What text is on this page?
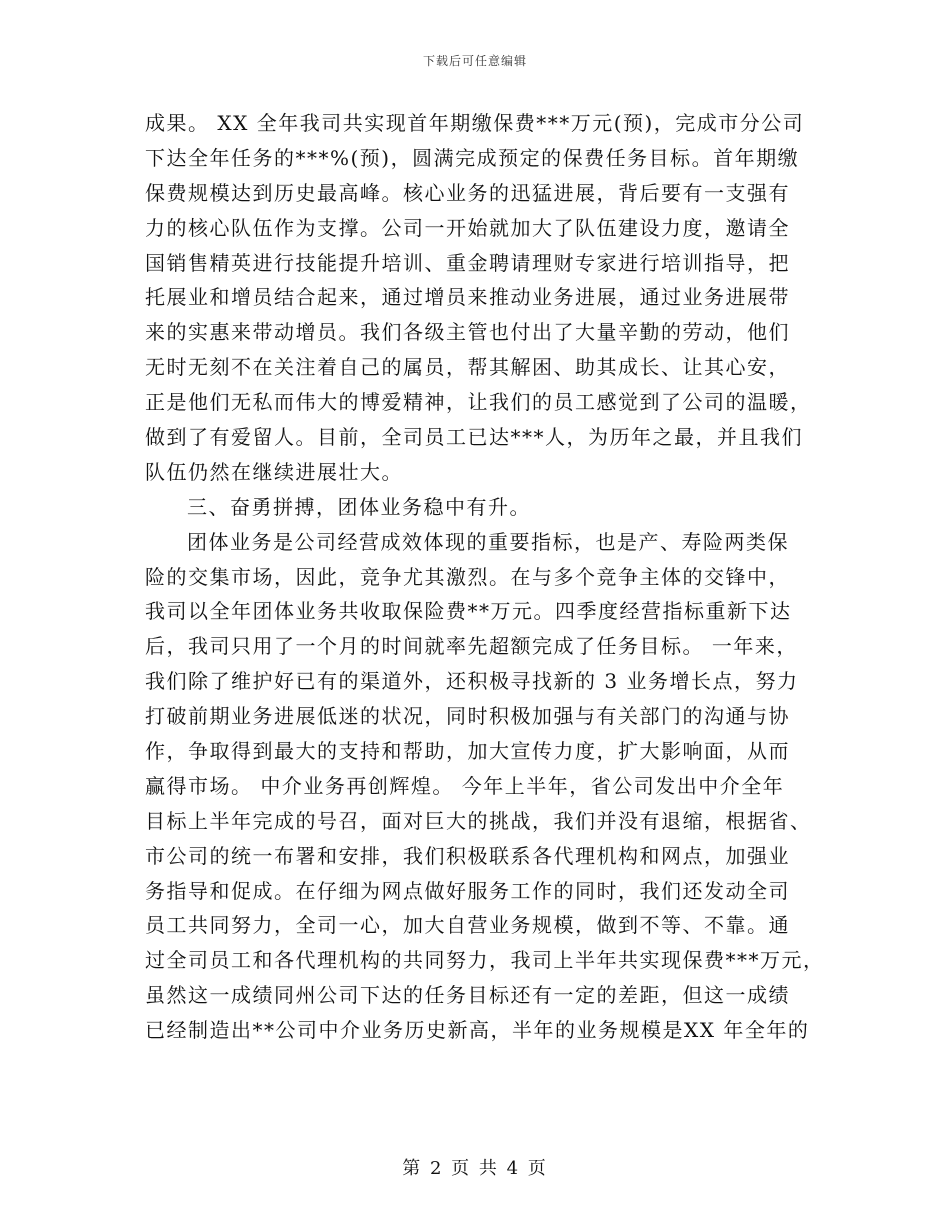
下载后可任意编辑
成果。 XX 全年我司共实现首年期缴保费***万元(预)，完成市分公司
下达全年任务的***%(预)，圆满完成预定的保费任务目标。首年期缴
保费规模达到历史最高峰。核心业务的迅猛进展，背后要有一支强有
力的核心队伍作为支撑。公司一开始就加大了队伍建设力度，邀请全
国销售精英进行技能提升培训、重金聘请理财专家进行培训指导，把
托展业和增员结合起来，通过增员来推动业务进展，通过业务进展带
来的实惠来带动增员。我们各级主管也付出了大量辛勤的劳动，他们
无时无刻不在关注着自己的属员，帮其解困、助其成长、让其心安，
正是他们无私而伟大的博爱精神，让我们的员工感觉到了公司的温暖，
做到了有爱留人。目前，全司员工已达***人，为历年之最，并且我们
队伍仍然在继续进展壮大。
三、奋勇拼搏，团体业务稳中有升。
团体业务是公司经营成效体现的重要指标，也是产、寿险两类保
险的交集市场，因此，竞争尤其激烈。在与多个竞争主体的交锋中，
我司以全年团体业务共收取保险费**万元。四季度经营指标重新下达
后，我司只用了一个月的时间就率先超额完成了任务目标。 一年来，
我们除了维护好已有的渠道外，还积极寻找新的 3 业务增长点，努力
打破前期业务进展低迷的状况，同时积极加强与有关部门的沟通与协
作，争取得到最大的支持和帮助，加大宣传力度，扩大影响面，从而
赢得市场。 中介业务再创辉煌。 今年上半年，省公司发出中介全年
目标上半年完成的号召，面对巨大的挑战，我们并没有退缩，根据省、
市公司的统一布署和安排，我们积极联系各代理机构和网点，加强业
务指导和促成。在仔细为网点做好服务工作的同时，我们还发动全司
员工共同努力，全司一心，加大自营业务规模，做到不等、不靠。通
过全司员工和各代理机构的共同努力，我司上半年共实现保费***万元，
虽然这一成绩同州公司下达的任务目标还有一定的差距，但这一成绩
已经制造出**公司中介业务历史新高，半年的业务规模是XX 年全年的
第 2 页 共 4 页
